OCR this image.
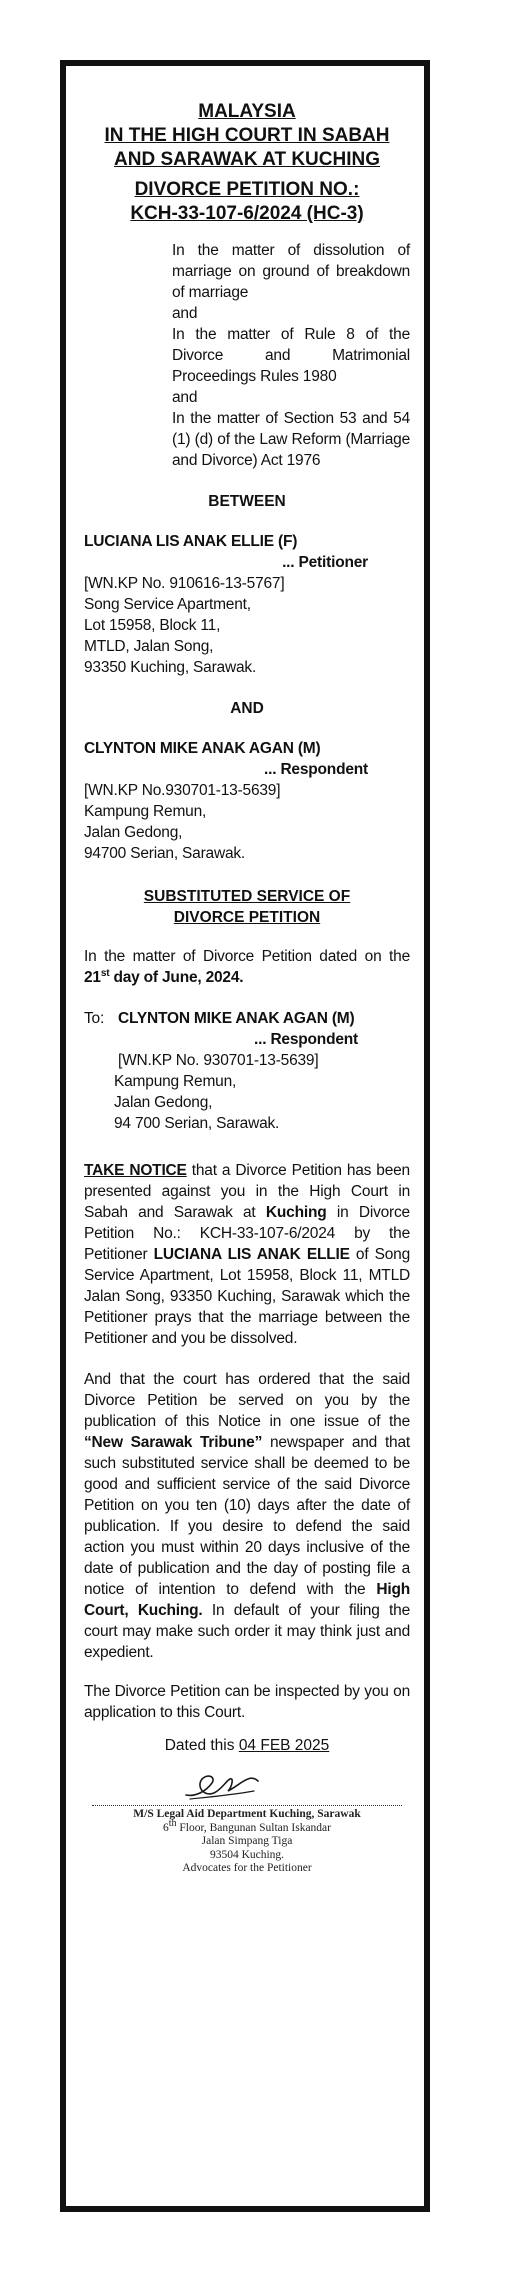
MALAYSIA
IN THE HIGH COURT IN SABAH
AND SARAWAK AT KUCHING
DIVORCE PETITION NO.:
KCH-33-107-6/2024 (HC-3)
In the matter of dissolution of marriage on ground of breakdown of marriage
and
In the matter of Rule 8 of the Divorce and Matrimonial Proceedings Rules 1980
and
In the matter of Section 53 and 54 (1) (d) of the Law Reform (Marriage and Divorce) Act 1976
BETWEEN
LUCIANA LIS ANAK ELLIE (F)
... Petitioner
[WN.KP No. 910616-13-5767]
Song Service Apartment,
Lot 15958, Block 11,
MTLD, Jalan Song,
93350 Kuching, Sarawak.
AND
CLYNTON MIKE ANAK AGAN (M)
... Respondent
[WN.KP No.930701-13-5639]
Kampung Remun,
Jalan Gedong,
94700 Serian, Sarawak.
SUBSTITUTED SERVICE OF
DIVORCE PETITION
In the matter of Divorce Petition dated on the 21st day of June, 2024.
To: CLYNTON MIKE ANAK AGAN (M)
... Respondent
[WN.KP No. 930701-13-5639]
Kampung Remun,
Jalan Gedong,
94 700 Serian, Sarawak.
TAKE NOTICE that a Divorce Petition has been presented against you in the High Court in Sabah and Sarawak at Kuching in Divorce Petition No.: KCH-33-107-6/2024 by the Petitioner LUCIANA LIS ANAK ELLIE of Song Service Apartment, Lot 15958, Block 11, MTLD Jalan Song, 93350 Kuching, Sarawak which the Petitioner prays that the marriage between the Petitioner and you be dissolved.
And that the court has ordered that the said Divorce Petition be served on you by the publication of this Notice in one issue of the “New Sarawak Tribune” newspaper and that such substituted service shall be deemed to be good and sufficient service of the said Divorce Petition on you ten (10) days after the date of publication. If you desire to defend the said action you must within 20 days inclusive of the date of publication and the day of posting file a notice of intention to defend with the High Court, Kuching. In default of your filing the court may make such order it may think just and expedient.
The Divorce Petition can be inspected by you on application to this Court.
Dated this 04 FEB 2025
M/S Legal Aid Department Kuching, Sarawak
6th Floor, Bangunan Sultan Iskandar
Jalan Simpang Tiga
93504 Kuching.
Advocates for the Petitioner
